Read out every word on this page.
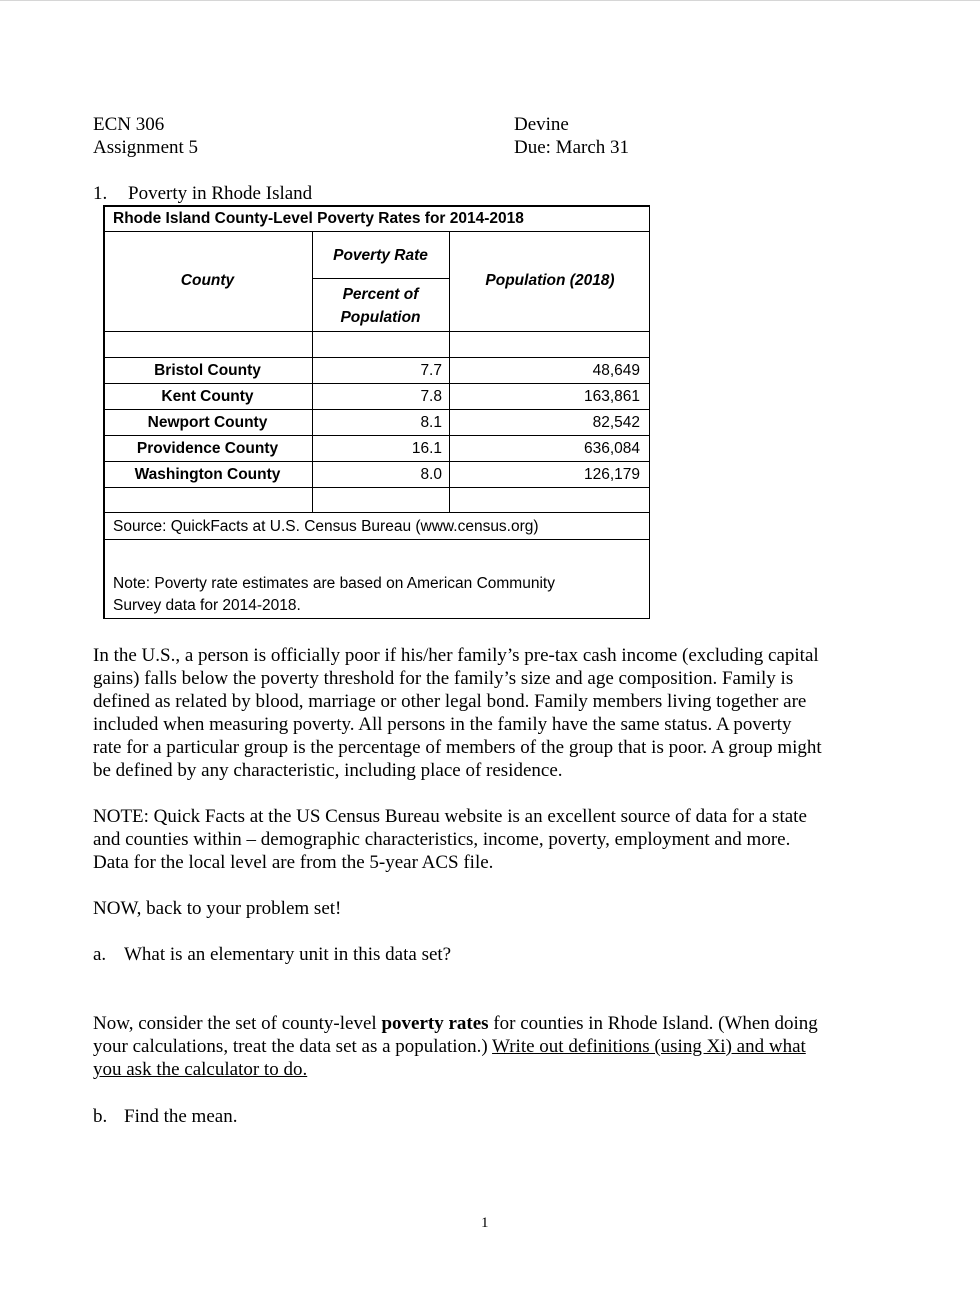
ECN 306
Assignment 5
Devine
Due: March 31
1. Poverty in Rhode Island
Rhode Island County-Level Poverty Rates for 2014-2018
County
Poverty Rate
Percent of
Population
Population (2018)
Bristol County	7.7	48,649
Kent County	7.8	163,861
Newport County	8.1	82,542
Providence County	16.1	636,084
Washington County	8.0	126,179
Source: QuickFacts at U.S. Census Bureau (www.census.org)
Note: Poverty rate estimates are based on American Community
Survey data for 2014-2018.
In the U.S., a person is officially poor if his/her family’s pre-tax cash income (excluding capital
gains) falls below the poverty threshold for the family’s size and age composition. Family is
defined as related by blood, marriage or other legal bond. Family members living together are
included when measuring poverty. All persons in the family have the same status. A poverty
rate for a particular group is the percentage of members of the group that is poor. A group might
be defined by any characteristic, including place of residence.
NOTE: Quick Facts at the US Census Bureau website is an excellent source of data for a state
and counties within – demographic characteristics, income, poverty, employment and more.
Data for the local level are from the 5-year ACS file.
NOW, back to your problem set!
a. What is an elementary unit in this data set?
Now, consider the set of county-level poverty rates for counties in Rhode Island. (When doing
your calculations, treat the data set as a population.) Write out definitions (using Xi) and what
you ask the calculator to do.
b. Find the mean.
1
